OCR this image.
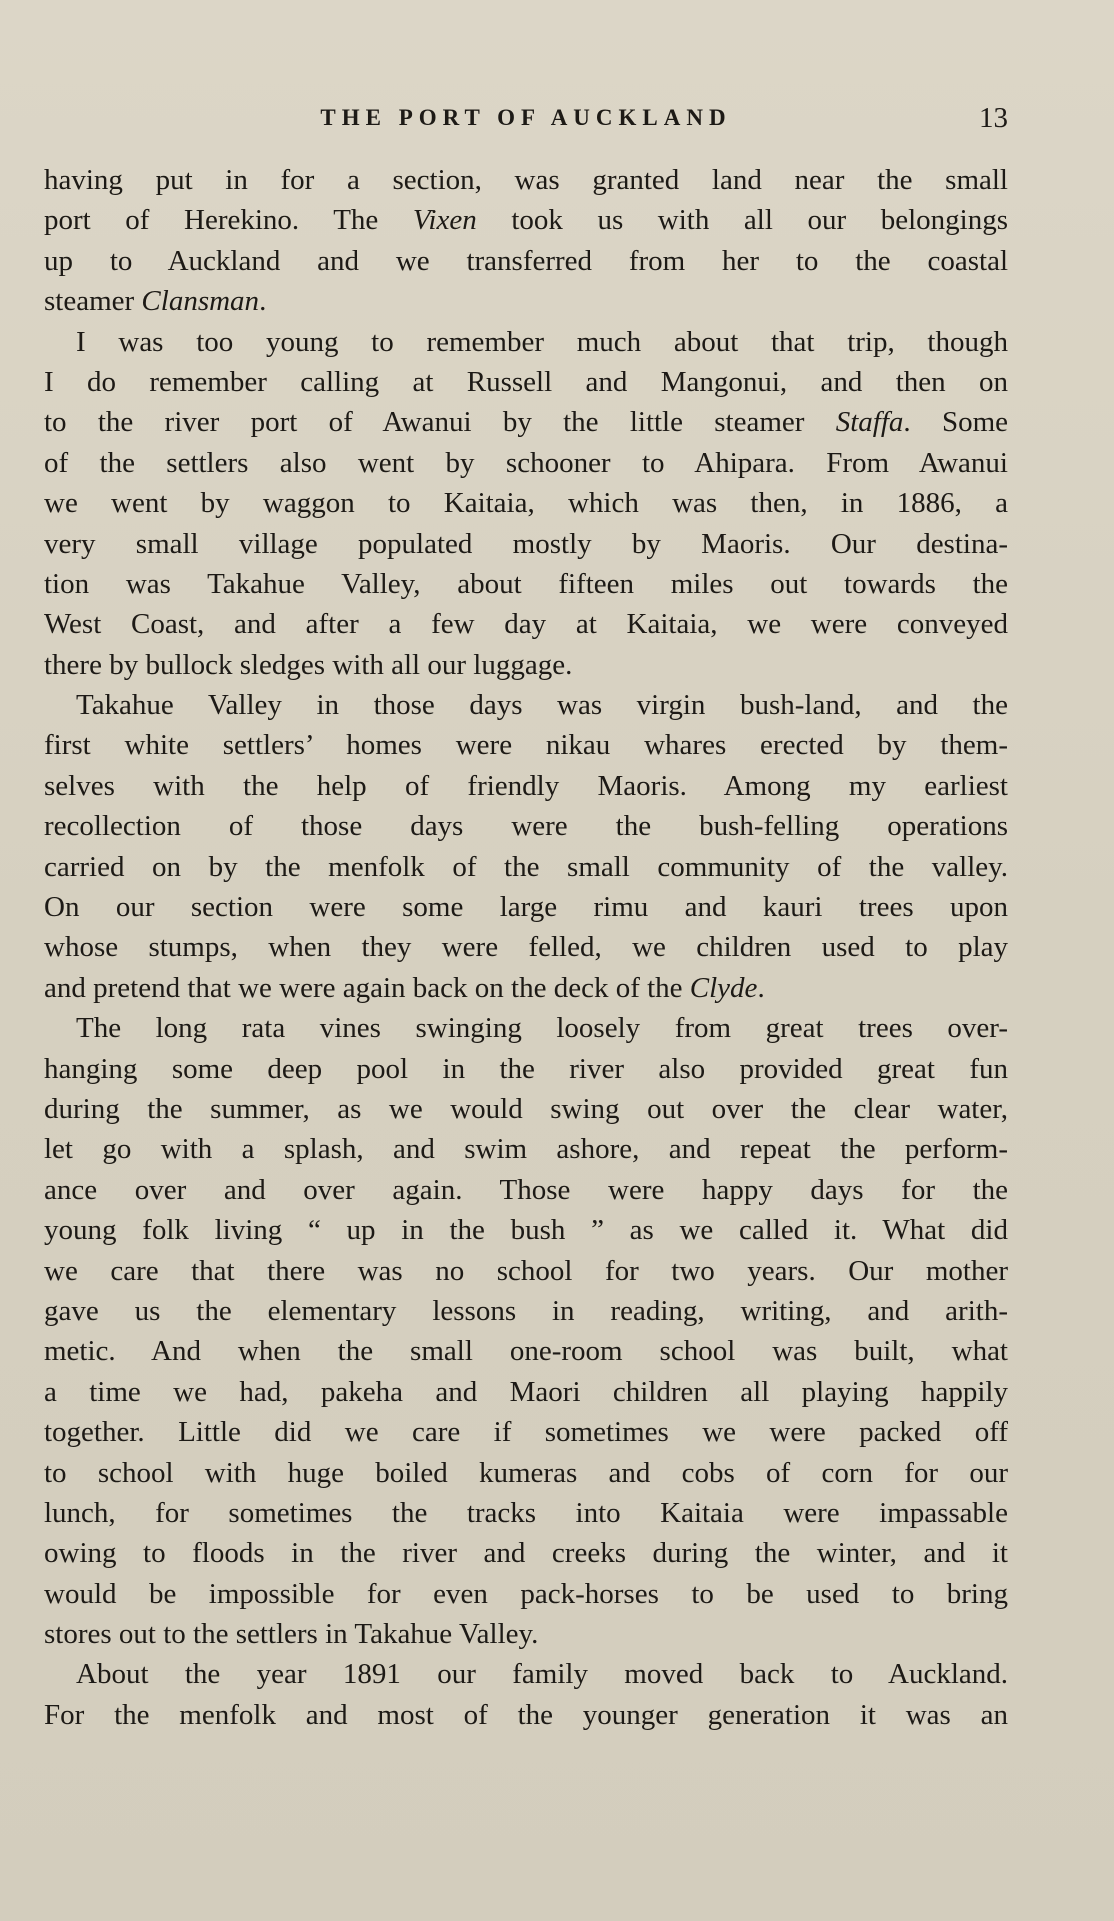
THE PORT OF AUCKLAND	13
having put in for a section, was granted land near the small
port of Herekino. The Vixen took us with all our belongings
up to Auckland and we transferred from her to the coastal
steamer Clansman.
I was too young to remember much about that trip, though
I do remember calling at Russell and Mangonui, and then on
to the river port of Awanui by the little steamer Staffa. Some
of the settlers also went by schooner to Ahipara. From Awanui
we went by waggon to Kaitaia, which was then, in 1886, a
very small village populated mostly by Maoris. Our destina-
tion was Takahue Valley, about fifteen miles out towards the
West Coast, and after a few day at Kaitaia, we were conveyed
there by bullock sledges with all our luggage.
Takahue Valley in those days was virgin bush-land, and the
first white settlers’ homes were nikau whares erected by them-
selves with the help of friendly Maoris. Among my earliest
recollection of those days were the bush-felling operations
carried on by the menfolk of the small community of the valley.
On our section were some large rimu and kauri trees upon
whose stumps, when they were felled, we children used to play
and pretend that we were again back on the deck of the Clyde.
The long rata vines swinging loosely from great trees over-
hanging some deep pool in the river also provided great fun
during the summer, as we would swing out over the clear water,
let go with a splash, and swim ashore, and repeat the perform-
ance over and over again. Those were happy days for the
young folk living “ up in the bush ” as we called it. What did
we care that there was no school for two years. Our mother
gave us the elementary lessons in reading, writing, and arith-
metic. And when the small one-room school was built, what
a time we had, pakeha and Maori children all playing happily
together. Little did we care if sometimes we were packed off
to school with huge boiled kumeras and cobs of corn for our
lunch, for sometimes the tracks into Kaitaia were impassable
owing to floods in the river and creeks during the winter, and it
would be impossible for even pack-horses to be used to bring
stores out to the settlers in Takahue Valley.
About the year 1891 our family moved back to Auckland.
For the menfolk and most of the younger generation it was an
